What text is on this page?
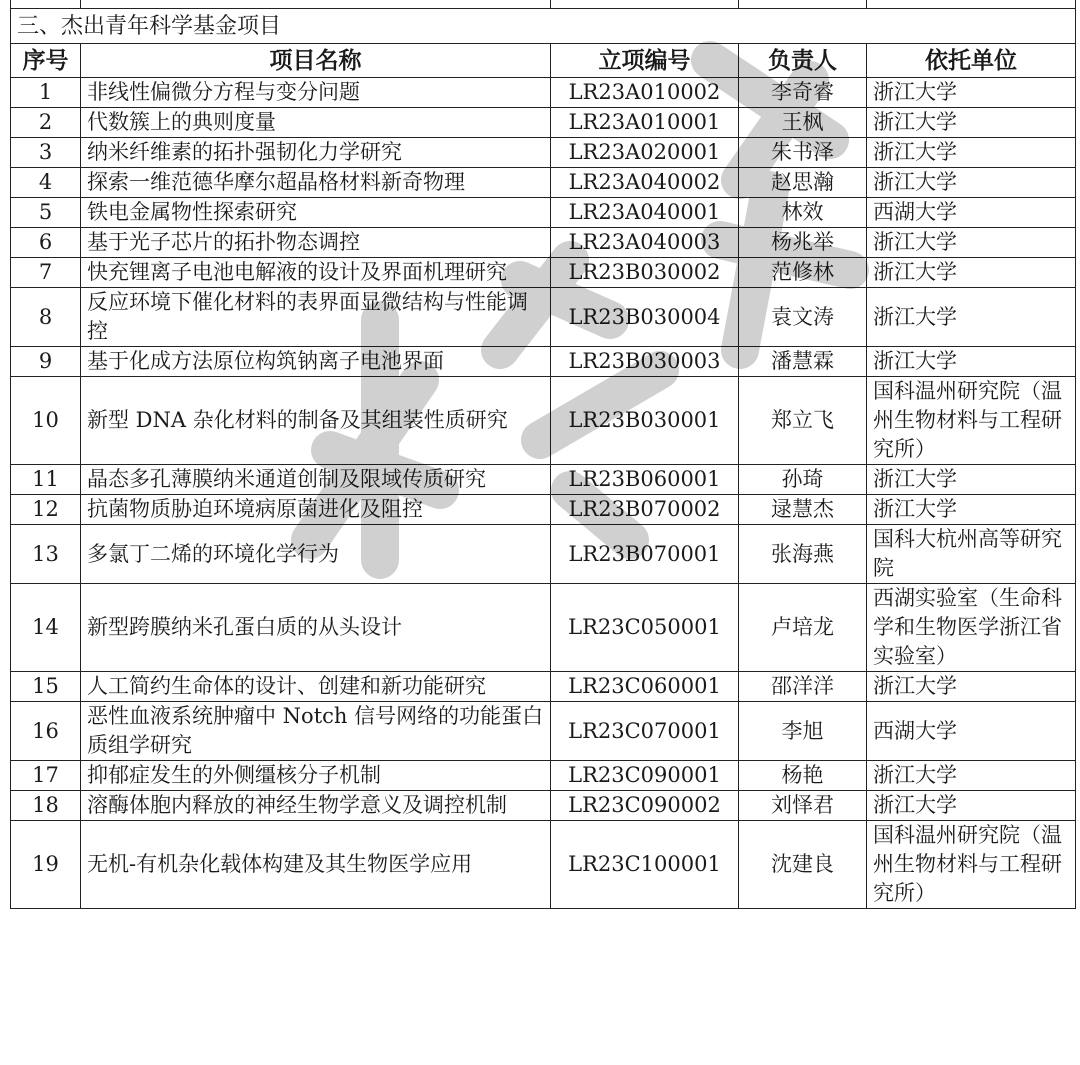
三、杰出青年科学基金项目				
序号	项目名称	立项编号	负责人	依托单位
1	非线性偏微分方程与变分问题	LR23A010002	李奇睿	浙江大学
2	代数簇上的典则度量	LR23A010001	王枫	浙江大学
3	纳米纤维素的拓扑强韧化力学研究	LR23A020001	朱书泽	浙江大学
4	探索一维范德华摩尔超晶格材料新奇物理	LR23A040002	赵思瀚	浙江大学
5	铁电金属物性探索研究	LR23A040001	林效	西湖大学
6	基于光子芯片的拓扑物态调控	LR23A040003	杨兆举	浙江大学
7	快充锂离子电池电解液的设计及界面机理研究	LR23B030002	范修林	浙江大学
8	反应环境下催化材料的表界面显微结构与性能调控	LR23B030004	袁文涛	浙江大学
9	基于化成方法原位构筑钠离子电池界面	LR23B030003	潘慧霖	浙江大学
10	新型 DNA 杂化材料的制备及其组装性质研究	LR23B030001	郑立飞	国科温州研究院（温州生物材料与工程研究所）
11	晶态多孔薄膜纳米通道创制及限域传质研究	LR23B060001	孙琦	浙江大学
12	抗菌物质胁迫环境病原菌进化及阻控	LR23B070002	逯慧杰	浙江大学
13	多氯丁二烯的环境化学行为	LR23B070001	张海燕	国科大杭州高等研究院
14	新型跨膜纳米孔蛋白质的从头设计	LR23C050001	卢培龙	西湖实验室（生命科学和生物医学浙江省实验室）
15	人工简约生命体的设计、创建和新功能研究	LR23C060001	邵洋洋	浙江大学
16	恶性血液系统肿瘤中 Notch 信号网络的功能蛋白质组学研究	LR23C070001	李旭	西湖大学
17	抑郁症发生的外侧缰核分子机制	LR23C090001	杨艳	浙江大学
18	溶酶体胞内释放的神经生物学意义及调控机制	LR23C090002	刘怿君	浙江大学
19	无机-有机杂化载体构建及其生物医学应用	LR23C100001	沈建良	国科温州研究院（温州生物材料与工程研究所）
